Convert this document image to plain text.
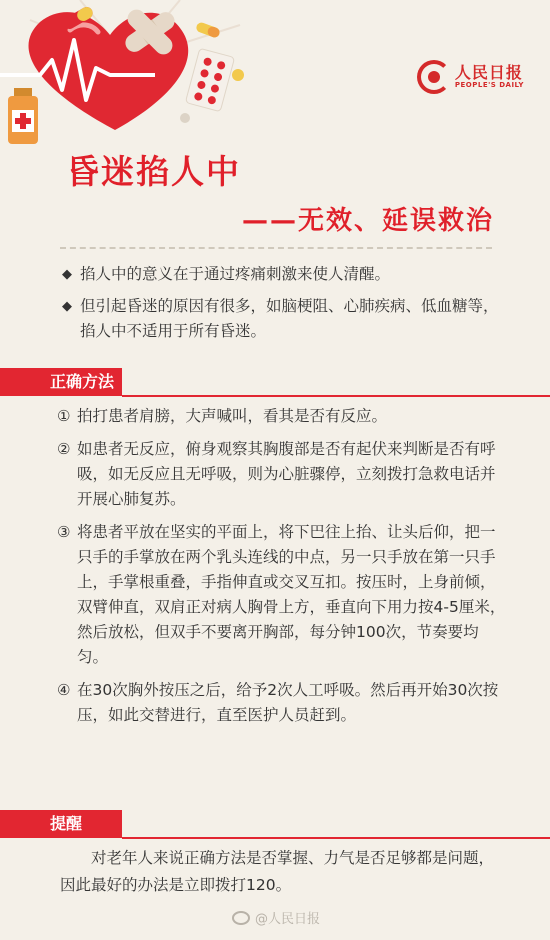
人民日报
PEOPLE'S DAILY
昏迷掐人中
——无效、延误救治
◆ 掐人中的意义在于通过疼痛刺激来使人清醒。
◆ 但引起昏迷的原因有很多，如脑梗阻、心肺疾病、低血糖等，掐人中不适用于所有昏迷。
正确方法
① 拍打患者肩膀，大声喊叫，看其是否有反应。
② 如患者无反应，俯身观察其胸腹部是否有起伏来判断是否有呼吸，如无反应且无呼吸，则为心脏骤停，立刻拨打急救电话并开展心肺复苏。
③ 将患者平放在坚实的平面上，将下巴往上抬、让头后仰，把一只手的手掌放在两个乳头连线的中点，另一只手放在第一只手上，手掌根重叠，手指伸直或交叉互扣。按压时，上身前倾，双臂伸直，双肩正对病人胸骨上方，垂直向下用力按4-5厘米，然后放松，但双手不要离开胸部，每分钟100次，节奏要均匀。
④ 在30次胸外按压之后，给予2次人工呼吸。然后再开始30次按压，如此交替进行，直至医护人员赶到。
提醒

对老年人来说正确方法是否掌握、力气是否足够都是问题，因此最好的办法是立即拨打120。

@人民日报
